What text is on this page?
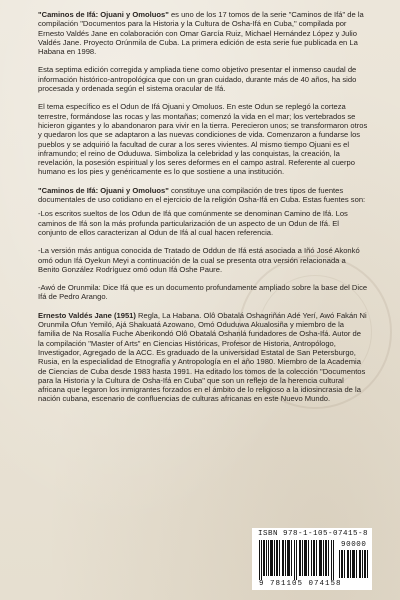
"Caminos de Ifá: Ojuani y Omoluos" es uno de los 17 tomos de la serie "Caminos de Ifá" de la compilación "Documentos para la Historia y la Cultura de Osha-Ifá en Cuba," compilada por Ernesto Valdés Jane en colaboración con Omar García Ruiz, Michael Hernández López y Julio Valdés Jane. Proyecto Orúnmila de Cuba. La primera edición de esta serie fue publicada en La Habana en 1998.

Esta septima edición corregida y ampliada tiene como objetivo presentar el inmenso caudal de información histórico-antropológica que con un gran cuidado, durante más de 40 años, ha sido procesada y ordenada según el sistema oracular de Ifá.

El tema específico es el Odun de Ifá Ojuani y Omoluos. En este Odun se replegó la corteza terrestre, formándose las rocas y las montañas; comenzó la vida en el mar; los vertebrados se hicieron gigantes y lo abandonaron para vivir en la tierra. Perecieron unos; se transformaron otros y quedaron los que se adaptaron a las nuevas condiciones de vida. Comenzaron a fundarse los pueblos y se adquirió la facultad de curar a los seres vivientes. Al mismo tiempo Ojuani es el inframundo; el reino de Oduduwa. Simboliza la celebridad y las conquistas, la creación, la revelación, la posesión espiritual y los seres deformes en el campo astral. Referente al cuerpo humano es los pies y genéricamente es lo que sostiene a una institución.

"Caminos de Ifá: Ojuani y Omoluos" constituye una compilación de tres tipos de fuentes documentales de uso cotidiano en el ejercicio de la religión Osha-Ifá en Cuba. Estas fuentes son:

-Los escritos sueltos de los Odun de Ifá que comúnmente se denominan Camino de Ifá. Los caminos de Ifá son la más profunda particularización de un aspecto de un Odun de Ifá. El conjunto de ellos caracterizan al Odun de Ifá al cual hacen referencia.

-La versión más antigua conocida de Tratado de Oddun de Ifá está asociada a Iñó José Akonkó omó odun Ifá Oyekun Meyi a continuación de la cual se presenta otra versión relacionada a Benito González Rodríguez omó odun Ifá Oshe Paure.

-Awó de Orunmila: Dice Ifá que es un documento profundamente ampliado sobre la base del Dice Ifá de Pedro Arango.

Ernesto Valdés Jane (1951) Regla, La Habana. Olô Obatalá Oshagriñán Adé Yerí, Awó Fakán Ni Orunmila Ofun Yemiló, Ajá Shakuatá Azowano, Omó Oduduwa Akualosiña y miembro de la familia de Na Rosalía Fuche Aberikondó Olô Obatalá Oshanlá fundadores de Osha-Ifá. Autor de la compilación "Master of Arts" en Ciencias Históricas, Profesor de Historia, Antropólogo, Investigador, Agregado de la ACC. Es graduado de la universidad Estatal de San Petersburgo, Rusia, en la especialidad de Etnografía y Antropología en el año 1980. Miembro de la Academia de Ciencias de Cuba desde 1983 hasta 1991. Ha editado los tomos de la colección "Documentos para la Historia y la Cultura de Osha-Ifá en Cuba" que son un reflejo de la herencia cultural africana que legaron los inmigrantes forzados en el ámbito de lo religioso a la idiosincrasia de la nación cubana, escenario de confluencias de culturas africanas en este Nuevo Mundo.

ISBN 978-1-105-07415-8
90000
9 781105 074158
